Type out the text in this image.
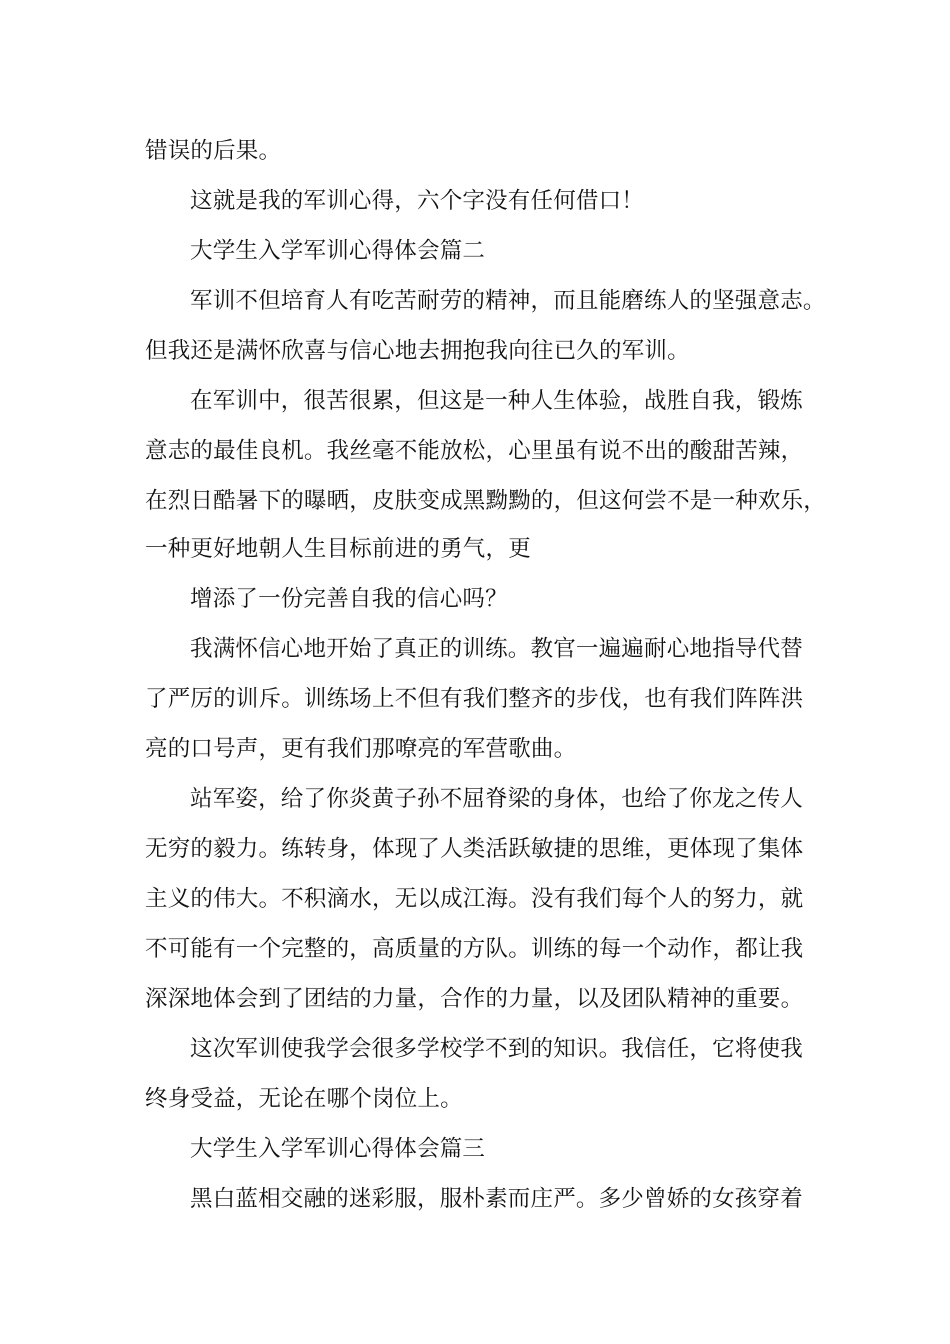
错误的后果。
这就是我的军训心得，六个字没有任何借口！
大学生入学军训心得体会篇二
军训不但培育人有吃苦耐劳的精神，而且能磨练人的坚强意志。
但我还是满怀欣喜与信心地去拥抱我向往已久的军训。
在军训中，很苦很累，但这是一种人生体验，战胜自我，锻炼
意志的最佳良机。我丝毫不能放松，心里虽有说不出的酸甜苦辣，
在烈日酷暑下的曝晒，皮肤变成黑黝黝的，但这何尝不是一种欢乐，
一种更好地朝人生目标前进的勇气，更
增添了一份完善自我的信心吗？
我满怀信心地开始了真正的训练。教官一遍遍耐心地指导代替
了严厉的训斥。训练场上不但有我们整齐的步伐，也有我们阵阵洪
亮的口号声，更有我们那嘹亮的军营歌曲。
站军姿，给了你炎黄子孙不屈脊梁的身体，也给了你龙之传人
无穷的毅力。练转身，体现了人类活跃敏捷的思维，更体现了集体
主义的伟大。不积滴水，无以成江海。没有我们每个人的努力，就
不可能有一个完整的，高质量的方队。训练的每一个动作，都让我
深深地体会到了团结的力量，合作的力量，以及团队精神的重要。
这次军训使我学会很多学校学不到的知识。我信任，它将使我
终身受益，无论在哪个岗位上。
大学生入学军训心得体会篇三
黑白蓝相交融的迷彩服，服朴素而庄严。多少曾娇的女孩穿着
